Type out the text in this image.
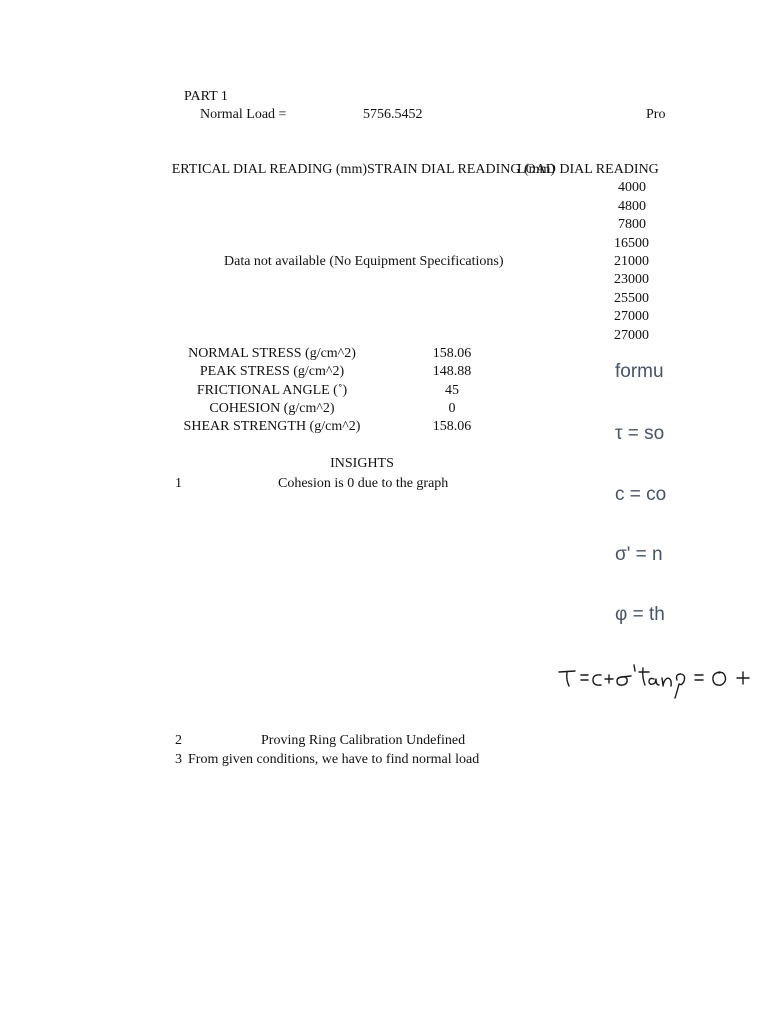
PART 1
Normal Load =	5756.5452	Pro
ERTICAL DIAL READING (mm) STRAIN DIAL READING (mm)
LOAD DIAL READING
4000
4800
7800
16500
21000
23000
25500
27000
27000
Data not available (No Equipment Specifications)
NORMAL STRESS (g/cm^2)	158.06
PEAK STRESS (g/cm^2)	148.88
FRICTIONAL ANGLE (˚)	45
COHESION (g/cm^2)	0
SHEAR STRENGTH (g/cm^2)	158.06
formu
τ = so
c = co
σ' = n
φ = th
INSIGHTS
1	Cohesion is 0 due to the graph
2	Proving Ring Calibration Undefined
3 From given conditions, we have to find normal load
